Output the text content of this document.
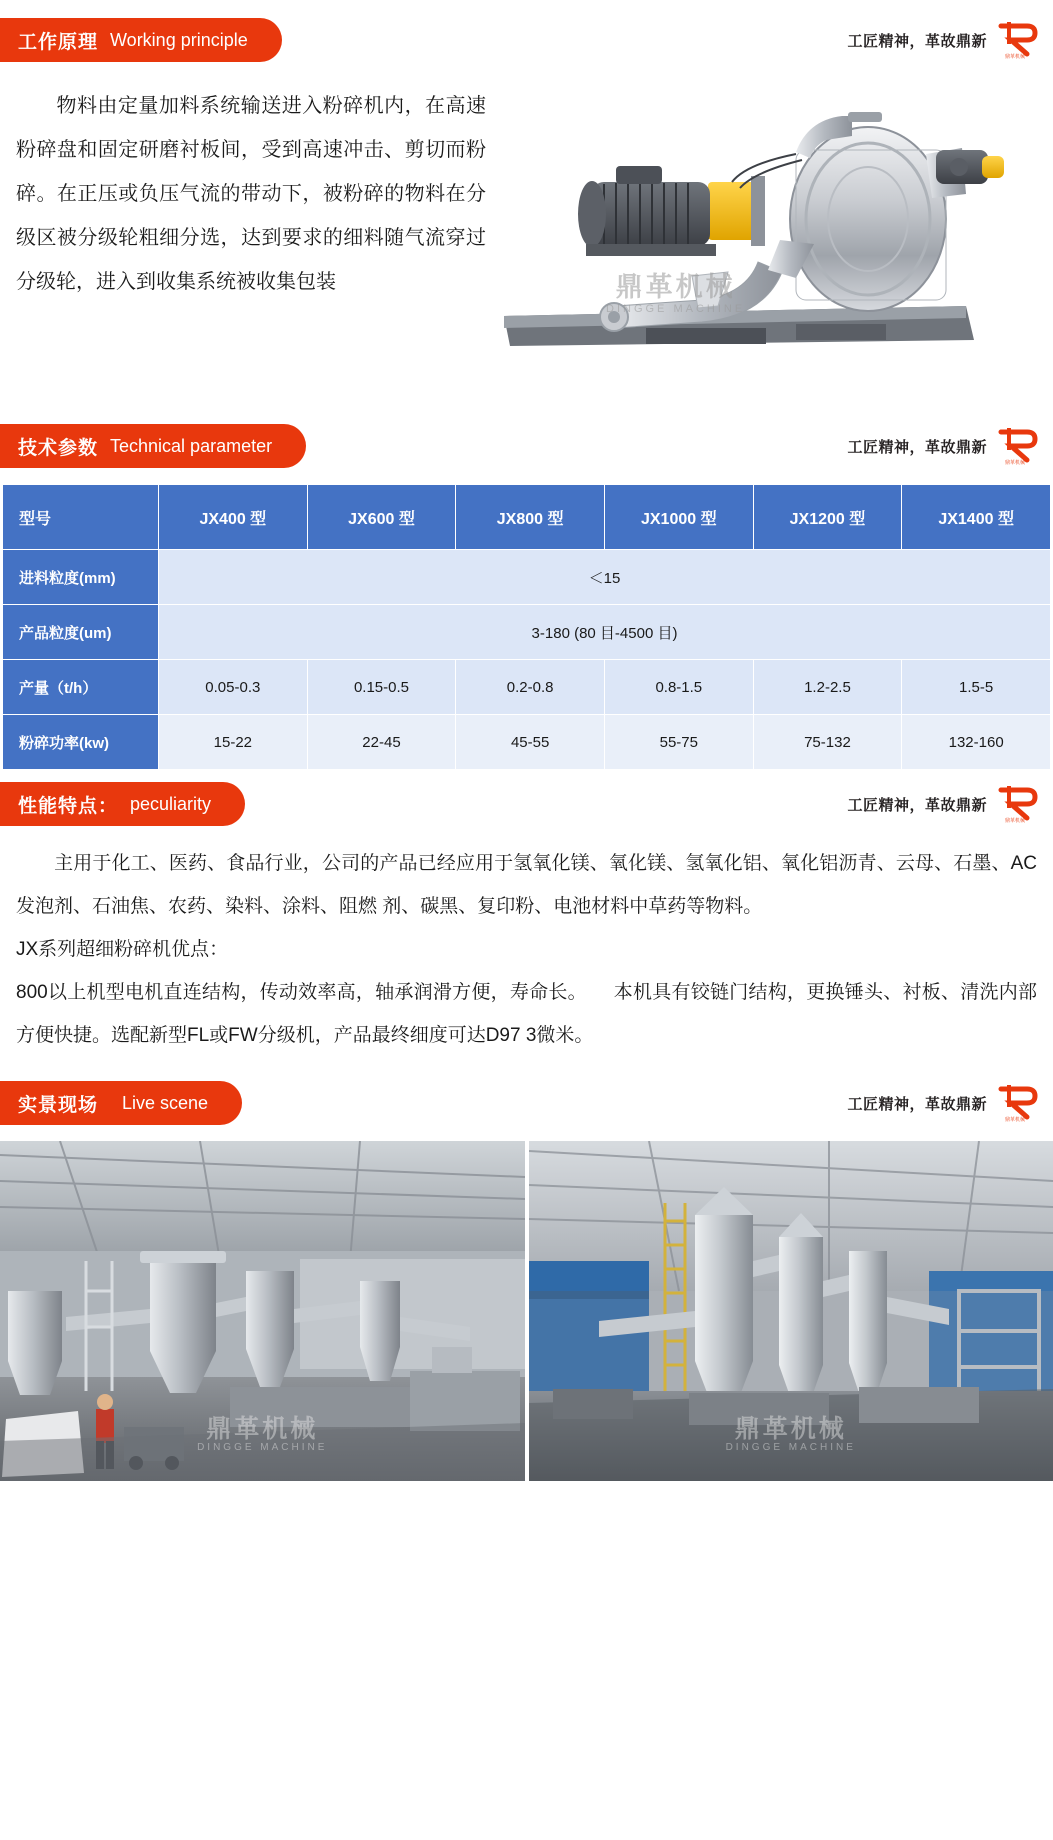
工作原理 Working principle	工匠精神，革故鼎新
鼎革机械
物料由定量加料系统输送进入粉碎机内，在高速粉碎盘和固定研磨衬板间，受到高速冲击、剪切而粉碎。在正压或负压气流的带动下，被粉碎的物料在分级区被分级轮粗细分选，达到要求的细料随气流穿过分级轮，进入到收集系统被收集包装	鼎革机械
DINGGE MACHINE
技术参数 Technical parameter	工匠精神，革故鼎新
鼎革机械
型号	JX400 型	JX600 型	JX800 型	JX1000 型	JX1200 型	JX1400 型
进料粒度(mm)	＜15					
产品粒度(um)	3-180 (80 目-4500 目)					
产量（t/h）	0.05-0.3	0.15-0.5	0.2-0.8	0.8-1.5	1.2-2.5	1.5-5
粉碎功率(kw)	15-22	22-45	45-55	55-75	75-132	132-160
性能特点： peculiarity	工匠精神，革故鼎新
鼎革机械

主用于化工、医药、食品行业，公司的产品已经应用于氢氧化镁、氧化镁、氢氧化铝、氧化铝沥青、云母、石墨、AC发泡剂、石油焦、农药、染料、涂料、阻燃 剂、碳黑、复印粉、电池材料中草药等物料。

JX系列超细粉碎机优点：

800以上机型电机直连结构，传动效率高，轴承润滑方便，寿命长。 本机具有铰链门结构，更换锤头、衬板、清洗内部方便快捷。选配新型FL或FW分级机，产品最终细度可达D97 3微米。

实景现场 Live scene	工匠精神，革故鼎新
鼎革机械
鼎革机械
DINGGE MACHINE
鼎革机械
DINGGE MACHINE
